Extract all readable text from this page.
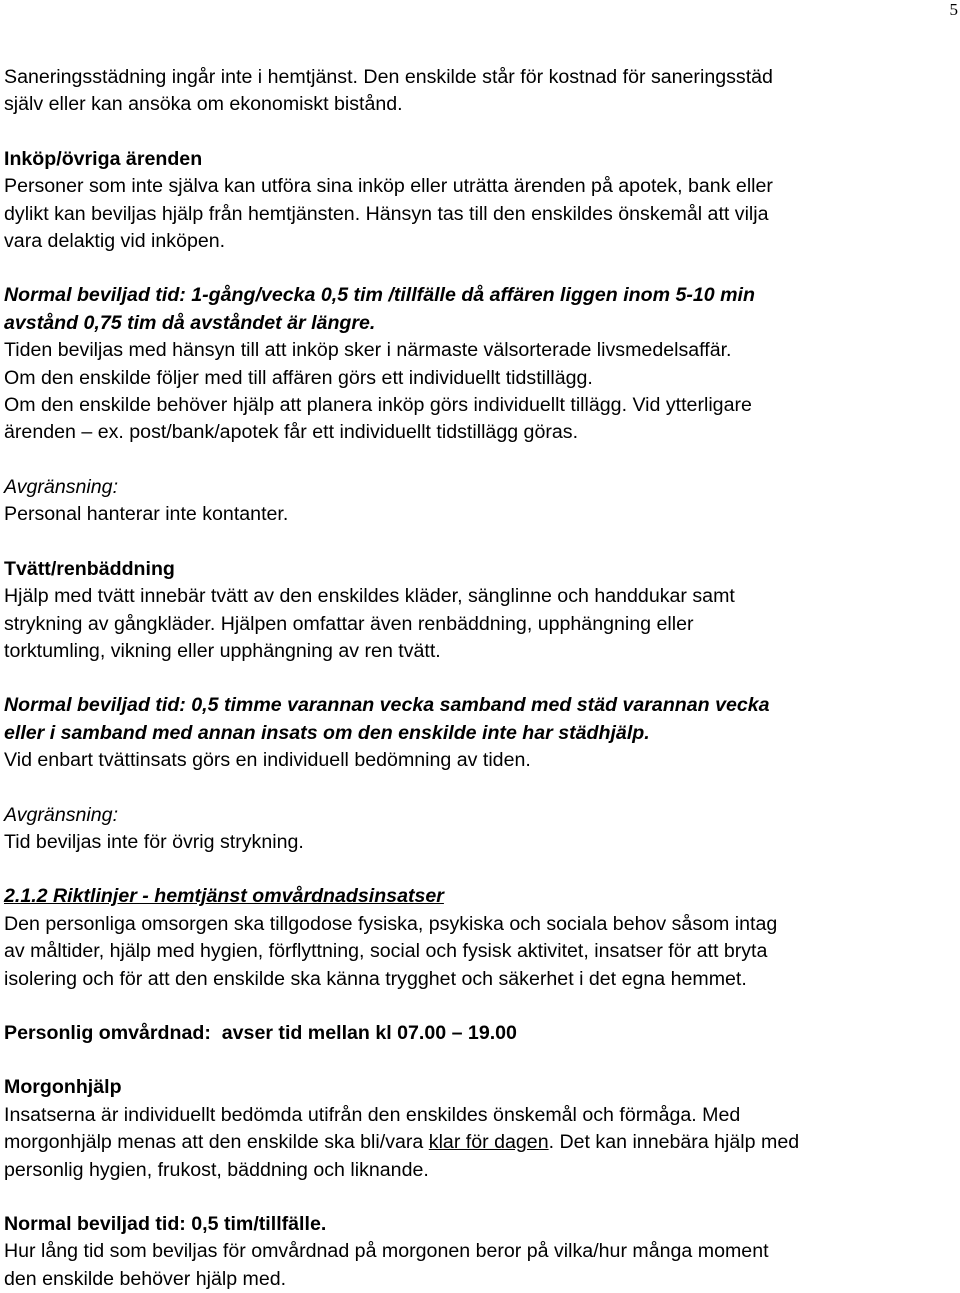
5

Saneringsstädning ingår inte i hemtjänst. Den enskilde står för kostnad för saneringsstäd

själv eller kan ansöka om ekonomiskt bistånd.

Inköp/övriga ärenden

Personer som inte själva kan utföra sina inköp eller uträtta ärenden på apotek, bank eller

dylikt kan beviljas hjälp från hemtjänsten. Hänsyn tas till den enskildes önskemål att vilja

vara delaktig vid inköpen.

Normal beviljad tid: 1-gång/vecka 0,5 tim /tillfälle då affären liggen inom 5-10 min

avstånd 0,75 tim då avståndet är längre.

Tiden beviljas med hänsyn till att inköp sker i närmaste välsorterade livsmedelsaffär.

Om den enskilde följer med till affären görs ett individuellt tidstillägg.

Om den enskilde behöver hjälp att planera inköp görs individuellt tillägg. Vid ytterligare

ärenden – ex. post/bank/apotek får ett individuellt tidstillägg göras.

Avgränsning:

Personal hanterar inte kontanter.

Tvätt/renbäddning

Hjälp med tvätt innebär tvätt av den enskildes kläder, sänglinne och handdukar samt

strykning av gångkläder. Hjälpen omfattar även renbäddning, upphängning eller

torktumling, vikning eller upphängning av ren tvätt.

Normal beviljad tid: 0,5 timme varannan vecka samband med städ varannan vecka

eller i samband med annan insats om den enskilde inte har städhjälp.

Vid enbart tvättinsats görs en individuell bedömning av tiden.

Avgränsning:

Tid beviljas inte för övrig strykning.

2.1.2 Riktlinjer - hemtjänst omvårdnadsinsatser

Den personliga omsorgen ska tillgodose fysiska, psykiska och sociala behov såsom intag

av måltider, hjälp med hygien, förflyttning, social och fysisk aktivitet, insatser för att bryta

isolering och för att den enskilde ska känna trygghet och säkerhet i det egna hemmet.

Personlig omvårdnad: avser tid mellan kl 07.00 – 19.00

Morgonhjälp

Insatserna är individuellt bedömda utifrån den enskildes önskemål och förmåga. Med

morgonhjälp menas att den enskilde ska bli/vara klar för dagen. Det kan innebära hjälp med

personlig hygien, frukost, bäddning och liknande.

Normal beviljad tid: 0,5 tim/tillfälle.

Hur lång tid som beviljas för omvårdnad på morgonen beror på vilka/hur många moment

den enskilde behöver hjälp med.
